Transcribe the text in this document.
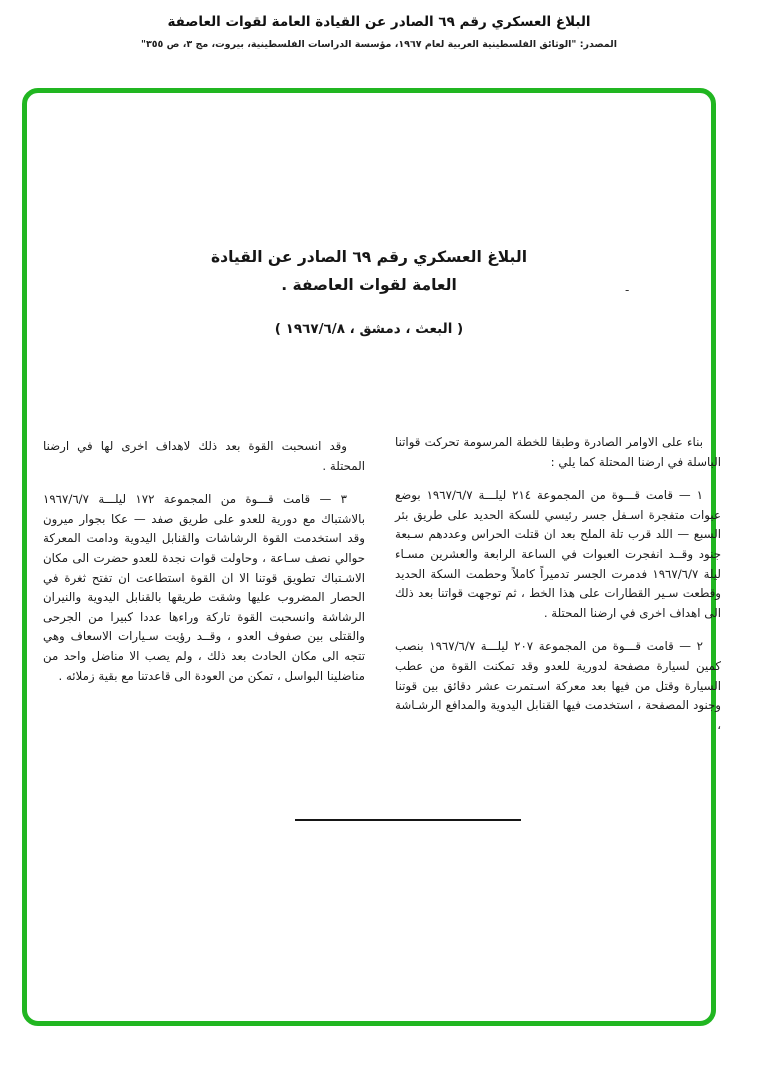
البلاغ العسكري رقم ٦٩ الصادر عن القيادة العامة لقوات العاصفة
المصدر: "الوثائق الفلسطينية العربية لعام ١٩٦٧، مؤسسة الدراسات الفلسطينية، بيروت، مج ٣، ص ٣٥٥"
البلاغ العسكري رقم ٦٩ الصادر عن القيادة
العامة لقوات العاصفة .
( البعث ، دمشق ، ١٩٦٧/٦/٨ )
-

بناء على الاوامر الصادرة وطبقا للخطة المرسومة تحركت قواتنا الباسلة في ارضنا المحتلة كما يلي :

١ — قامت قـــوة من المجموعة ٢١٤ ليلـــة ١٩٦٧/٦/٧ بوضع عبوات متفجرة اسـفل جسر رئيسي للسكة الحديد على طريق بئر السبع — اللد قرب تلة الملح بعد ان قتلت الحراس وعددهم سـبعة جنود وقــد انفجرت العبوات في الساعة الرابعة والعشرين مسـاء ليلة ١٩٦٧/٦/٧ فدمرت الجسر تدميراً كاملاً وحطمت السكة الحديد وقطعت سـير القطارات على هذا الخط ، ثم توجهت قواتنا بعد ذلك الى اهداف اخرى في ارضنا المحتلة .

٢ — قامت قـــوة من المجموعة ٢٠٧ ليلـــة ١٩٦٧/٦/٧ بنصب كمين لسيارة مصفحة لدورية للعدو وقد تمكنت القوة من عطب السيارة وقتل من فيها بعد معركة اسـتمرت عشر دقائق بين قوتنا وجنود المصفحة ، استخدمت فيها القنابل اليدوية والمدافع الرشـاشة ،

وقد انسحبت القوة بعد ذلك لاهداف اخرى لها في ارضنا المحتلة .

٣ — قامت قـــوة من المجموعة ١٧٢ ليلـــة ١٩٦٧/٦/٧ بالاشتباك مع دورية للعدو على طريق صفد — عكا بجوار ميرون وقد استخدمت القوة الرشاشات والقنابل اليدوية ودامت المعركة حوالي نصف سـاعة ، وحاولت قوات نجدة للعدو حضرت الى مكان الاشـتباك تطويق قوتنا الا ان القوة استطاعت ان تفتح ثغرة في الحصار المضروب عليها وشقت طريقها بالقنابل اليدوية والنيران الرشاشة وانسحبت القوة تاركة وراءها عددا كبيرا من الجرحى والقتلى بين صفوف العدو ، وقــد رؤيت سـيارات الاسعاف وهي تتجه الى مكان الحادث بعد ذلك ، ولم يصب الا مناضل واحد من مناضلينا البواسل ، تمكن من العودة الى قاعدتنا مع بقية زملائه .
